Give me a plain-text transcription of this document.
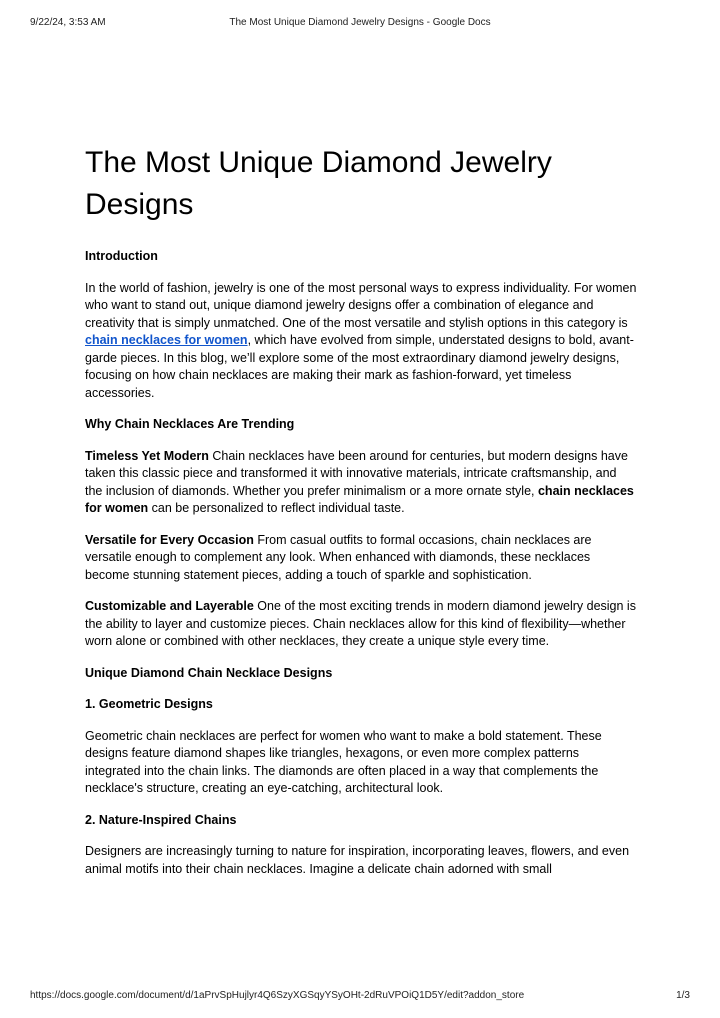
9/22/24, 3:53 AM	The Most Unique Diamond Jewelry Designs - Google Docs
The Most Unique Diamond Jewelry Designs
Introduction

In the world of fashion, jewelry is one of the most personal ways to express individuality. For women who want to stand out, unique diamond jewelry designs offer a combination of elegance and creativity that is simply unmatched. One of the most versatile and stylish options in this category is chain necklaces for women, which have evolved from simple, understated designs to bold, avant-garde pieces. In this blog, we’ll explore some of the most extraordinary diamond jewelry designs, focusing on how chain necklaces are making their mark as fashion-forward, yet timeless accessories.

Why Chain Necklaces Are Trending

Timeless Yet Modern Chain necklaces have been around for centuries, but modern designs have taken this classic piece and transformed it with innovative materials, intricate craftsmanship, and the inclusion of diamonds. Whether you prefer minimalism or a more ornate style, chain necklaces for women can be personalized to reflect individual taste.

Versatile for Every Occasion From casual outfits to formal occasions, chain necklaces are versatile enough to complement any look. When enhanced with diamonds, these necklaces become stunning statement pieces, adding a touch of sparkle and sophistication.

Customizable and Layerable One of the most exciting trends in modern diamond jewelry design is the ability to layer and customize pieces. Chain necklaces allow for this kind of flexibility—whether worn alone or combined with other necklaces, they create a unique style every time.

Unique Diamond Chain Necklace Designs
1. Geometric Designs

Geometric chain necklaces are perfect for women who want to make a bold statement. These designs feature diamond shapes like triangles, hexagons, or even more complex patterns integrated into the chain links. The diamonds are often placed in a way that complements the necklace's structure, creating an eye-catching, architectural look.

2. Nature-Inspired Chains

Designers are increasingly turning to nature for inspiration, incorporating leaves, flowers, and even animal motifs into their chain necklaces. Imagine a delicate chain adorned with small

https://docs.google.com/document/d/1aPrvSpHujlyr4Q6SzyXGSqyYSyOHt-2dRuVPOiQ1D5Y/edit?addon_store	1/3
